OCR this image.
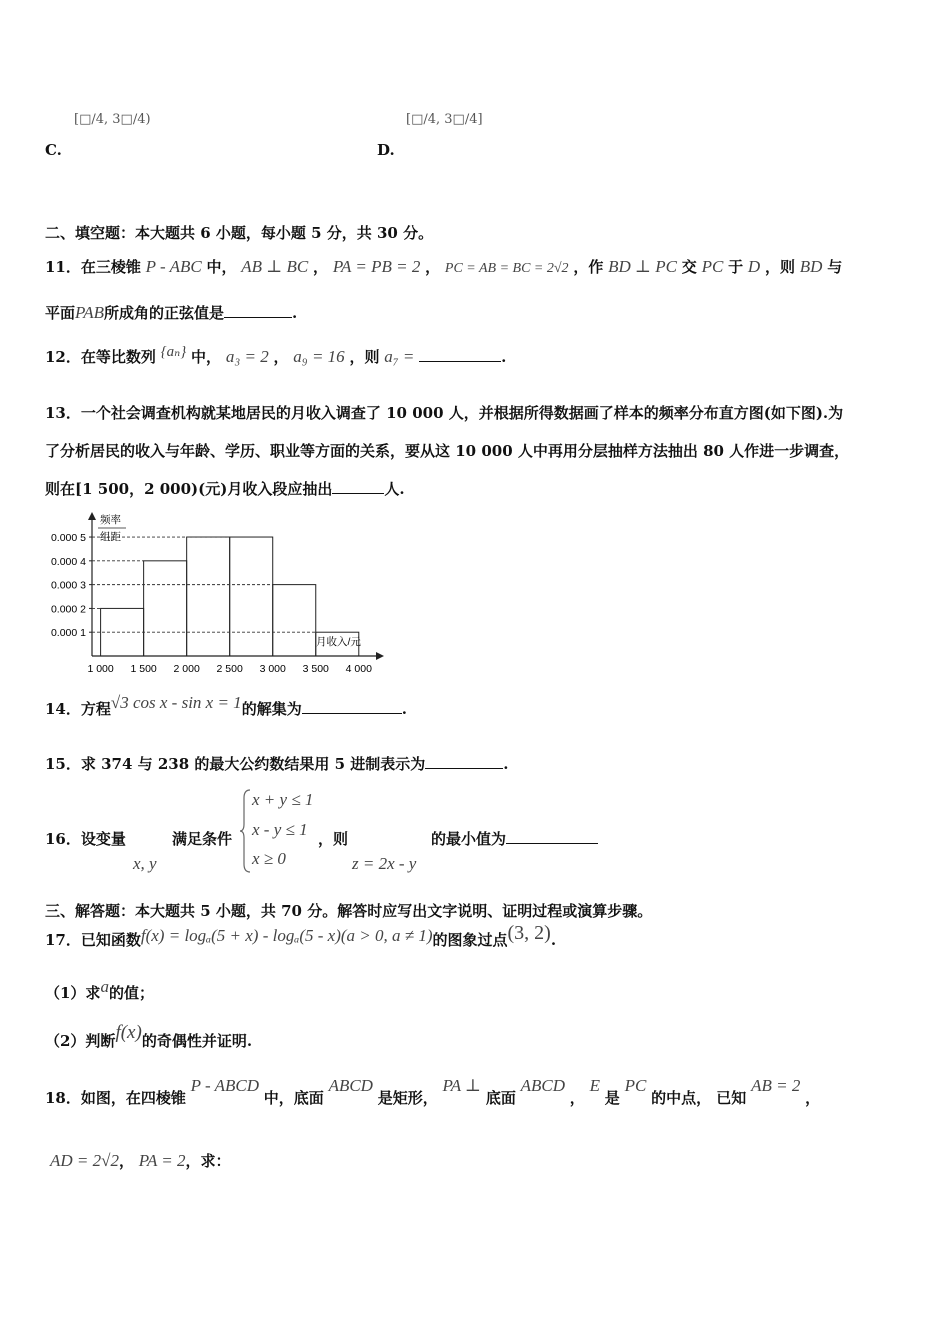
C.
[□/4, 3□/4)
D.
[□/4, 3□/4]
二、填空题：本大题共 6 小题，每小题 5 分，共 30 分。
11．在三棱锥 P - ABC 中， AB ⊥ BC ， PA = PB = 2 ， PC = AB = BC = 2√2 ，作 BD ⊥ PC 交 PC 于 D ，则 BD 与
平面PAB所成角的正弦值是	.
12．在等比数列 {aₙ} 中， a₃ = 2 ， a₉ = 16 ，则 a₇ =	.
13．一个社会调查机构就某地居民的月收入调查了 10 000 人，并根据所得数据画了样本的频率分布直方图(如下图).为
了分析居民的收入与年龄、学历、职业等方面的关系，要从这 10 000 人中再用分层抽样方法抽出 80 人作进一步调查，
则在[1 500，2 000)(元)月收入段应抽出	人.
频率
组距
月收入/元
0.000 1
0.000 2
0.000 3
0.000 4
0.000 5
1 000 1 500 2 000 2 500 3 000 3 500 4 000
14．方程√3 cos x - sin x = 1的解集为	.
15．求 374 与 238 的最大公约数结果用 5 进制表示为	.
16．设变量	满足条件
x, y
x + y ≤ 1
x - y ≤ 1
x ≥ 0
，则
z = 2x - y
的最小值为
三、解答题：本大题共 5 小题，共 70 分。解答时应写出文字说明、证明过程或演算步骤。
17．已知函数f(x) = logₐ(5 + x) - logₐ(5 - x)(a > 0, a ≠ 1)的图象过点(3, 2).
（1）求a的值；
（2）判断f(x)的奇偶性并证明.
18．如图，在四棱锥 P - ABCD 中，底面 ABCD 是矩形， PA ⊥ 底面 ABCD ， E 是 PC 的中点， 已知 AB = 2 ，
AD = 2√2， PA = 2，求：
